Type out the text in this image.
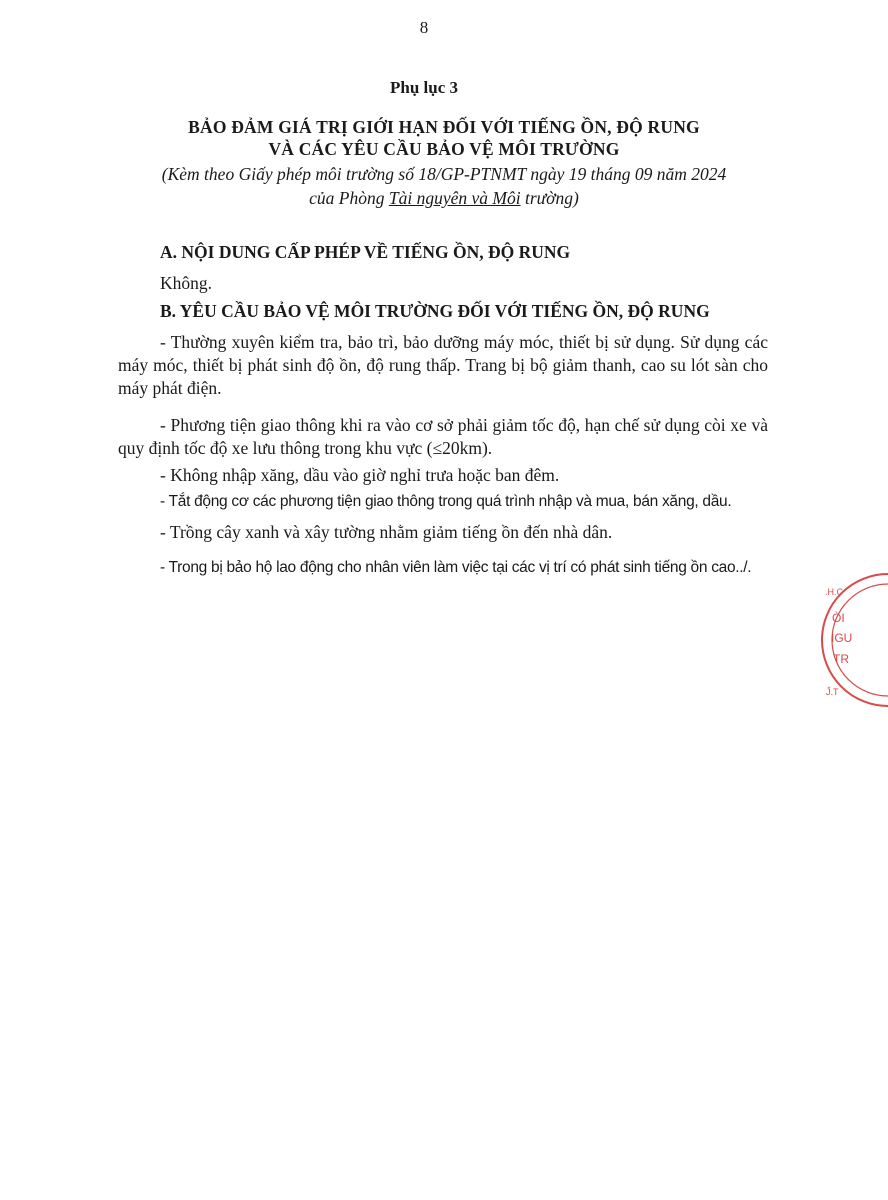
8
Phụ lục 3
BẢO ĐẢM GIÁ TRỊ GIỚI HẠN ĐỐI VỚI TIẾNG ỒN, ĐỘ RUNG
VÀ CÁC YÊU CẦU BẢO VỆ MÔI TRƯỜNG
(Kèm theo Giấy phép môi trường số 18/GP-PTNMT ngày 19 tháng 09 năm 2024
của Phòng Tài nguyên và Môi trường)
A. NỘI DUNG CẤP PHÉP VỀ TIẾNG ỒN, ĐỘ RUNG
Không.
B. YÊU CẦU BẢO VỆ MÔI TRƯỜNG ĐỐI VỚI TIẾNG ỒN, ĐỘ RUNG
- Thường xuyên kiểm tra, bảo trì, bảo dưỡng máy móc, thiết bị sử dụng. Sử dụng các máy móc, thiết bị phát sinh độ ồn, độ rung thấp. Trang bị bộ giảm thanh, cao su lót sàn cho máy phát điện.
- Phương tiện giao thông khi ra vào cơ sở phải giảm tốc độ, hạn chế sử dụng còi xe và quy định tốc độ xe lưu thông trong khu vực (≤20km).
- Không nhập xăng, dầu vào giờ nghỉ trưa hoặc ban đêm.
- Tắt động cơ các phương tiện giao thông trong quá trình nhập và mua, bán xăng, dầu.
- Trồng cây xanh và xây tường nhằm giảm tiếng ồn đến nhà dân.
- Trong bị bảo hộ lao động cho nhân viên làm việc tại các vị trí có phát sinh tiếng ồn cao../.
.H.C
ÒI
IGU
TR
Ĵ.T
